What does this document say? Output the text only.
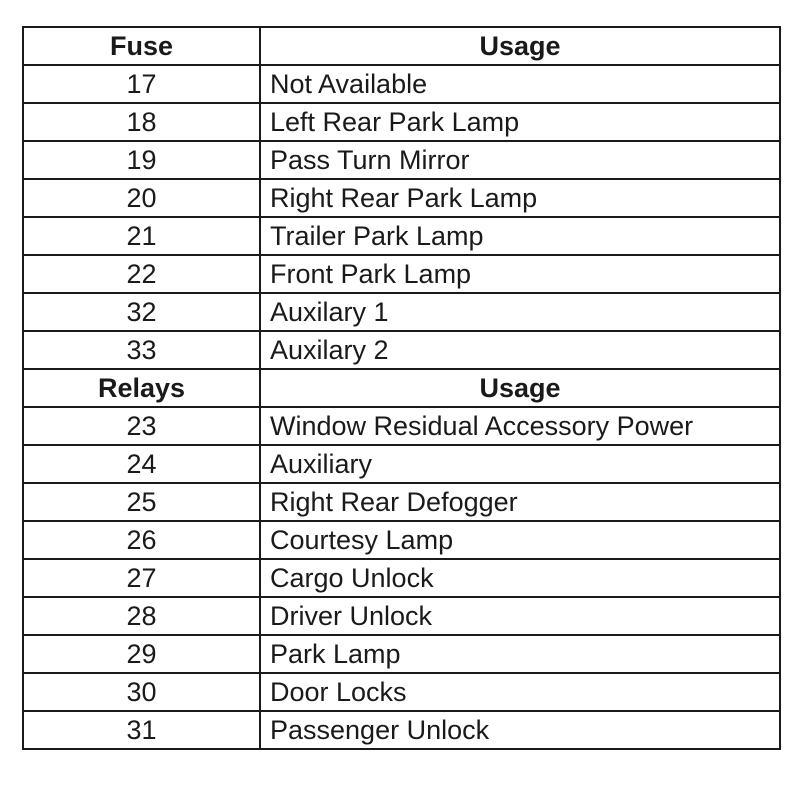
Fuse	Usage
17	Not Available
18	Left Rear Park Lamp
19	Pass Turn Mirror
20	Right Rear Park Lamp
21	Trailer Park Lamp
22	Front Park Lamp
32	Auxilary 1
33	Auxilary 2
Relays	Usage
23	Window Residual Accessory Power
24	Auxiliary
25	Right Rear Defogger
26	Courtesy Lamp
27	Cargo Unlock
28	Driver Unlock
29	Park Lamp
30	Door Locks
31	Passenger Unlock
